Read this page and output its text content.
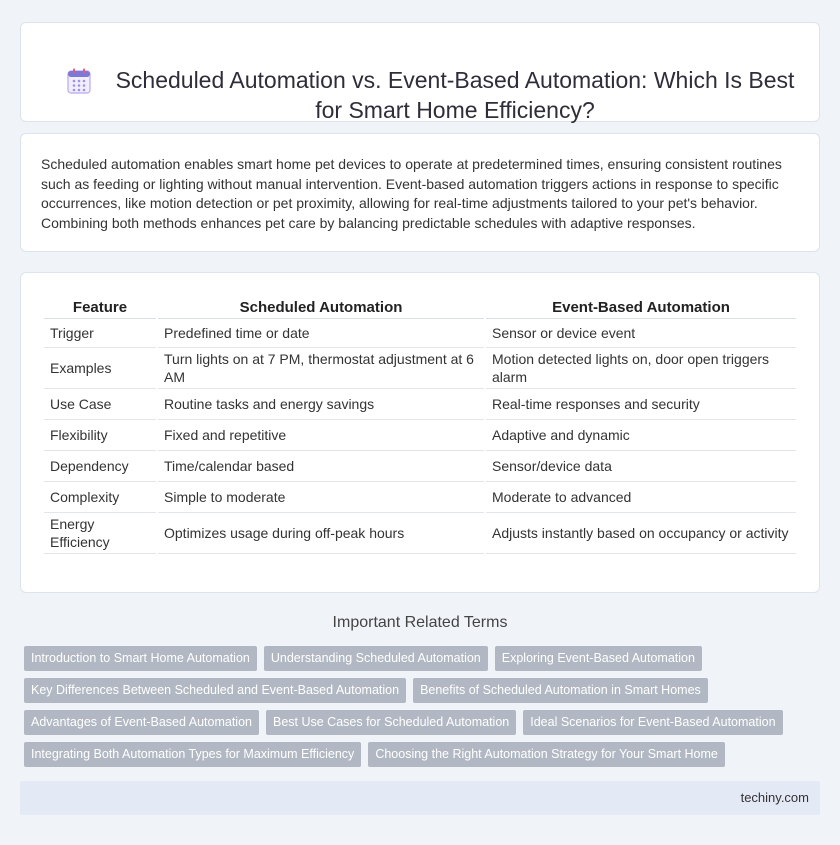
Scheduled Automation vs. Event-Based Automation: Which Is Best for Smart Home Efficiency?

Scheduled automation enables smart home pet devices to operate at predetermined times, ensuring consistent routines such as feeding or lighting without manual intervention. Event-based automation triggers actions in response to specific occurrences, like motion detection or pet proximity, allowing for real-time adjustments tailored to your pet's behavior. Combining both methods enhances pet care by balancing predictable schedules with adaptive responses.

Feature	Scheduled Automation	Event-Based Automation
Trigger	Predefined time or date	Sensor or device event
Examples	Turn lights on at 7 PM, thermostat adjustment at 6 AM	Motion detected lights on, door open triggers alarm
Use Case	Routine tasks and energy savings	Real-time responses and security
Flexibility	Fixed and repetitive	Adaptive and dynamic
Dependency	Time/calendar based	Sensor/device data
Complexity	Simple to moderate	Moderate to advanced
Energy Efficiency	Optimizes usage during off-peak hours	Adjusts instantly based on occupancy or activity
Important Related Terms
Introduction to Smart Home Automation	Understanding Scheduled Automation	Exploring Event-Based Automation
Key Differences Between Scheduled and Event-Based Automation	Benefits of Scheduled Automation in Smart Homes
Advantages of Event-Based Automation	Best Use Cases for Scheduled Automation	Ideal Scenarios for Event-Based Automation
Integrating Both Automation Types for Maximum Efficiency	Choosing the Right Automation Strategy for Your Smart Home
techiny.com
